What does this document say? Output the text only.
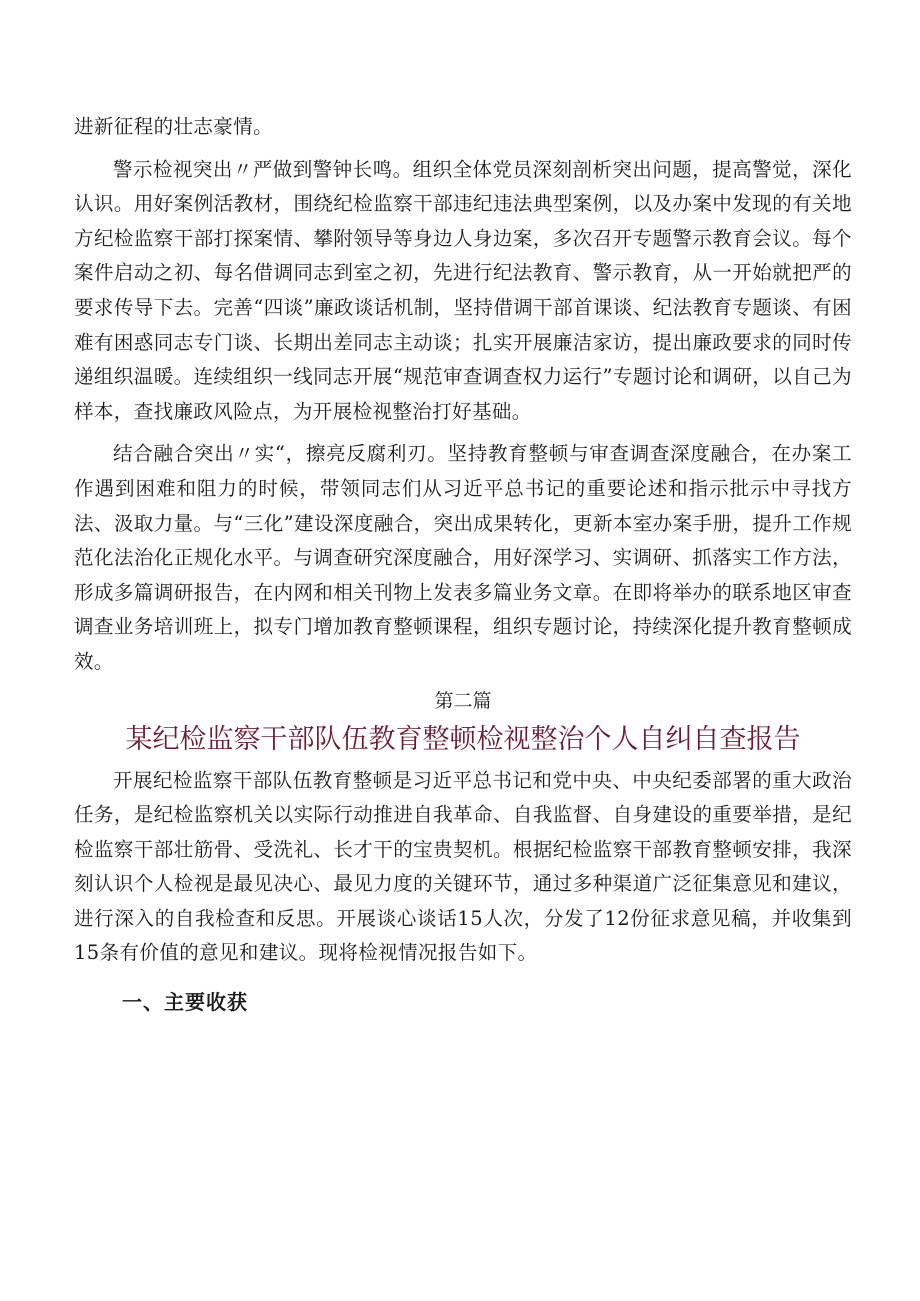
进新征程的壮志豪情。

警示检视突出〃严做到警钟长鸣。组织全体党员深刻剖析突出问题，提高警觉，深化认识。用好案例活教材，围绕纪检监察干部违纪违法典型案例，以及办案中发现的有关地方纪检监察干部打探案情、攀附领导等身边人身边案，多次召开专题警示教育会议。每个案件启动之初、每名借调同志到室之初，先进行纪法教育、警示教育，从一开始就把严的要求传导下去。完善“四谈”廉政谈话机制，坚持借调干部首课谈、纪法教育专题谈、有困难有困惑同志专门谈、长期出差同志主动谈；扎实开展廉洁家访，提出廉政要求的同时传递组织温暖。连续组织一线同志开展“规范审查调查权力运行”专题讨论和调研，以自己为样本，查找廉政风险点，为开展检视整治打好基础。

结合融合突出〃实“，擦亮反腐利刃。坚持教育整顿与审查调查深度融合，在办案工作遇到困难和阻力的时候，带领同志们从习近平总书记的重要论述和指示批示中寻找方法、汲取力量。与“三化”建设深度融合，突出成果转化，更新本室办案手册，提升工作规范化法治化正规化水平。与调查研究深度融合，用好深学习、实调研、抓落实工作方法，形成多篇调研报告，在内网和相关刊物上发表多篇业务文章。在即将举办的联系地区审查调查业务培训班上，拟专门增加教育整顿课程，组织专题讨论，持续深化提升教育整顿成效。

第二篇
某纪检监察干部队伍教育整顿检视整治个人自纠自查报告

开展纪检监察干部队伍教育整顿是习近平总书记和党中央、中央纪委部署的重大政治任务，是纪检监察机关以实际行动推进自我革命、自我监督、自身建设的重要举措，是纪检监察干部壮筋骨、受洗礼、长才干的宝贵契机。根据纪检监察干部教育整顿安排，我深刻认识个人检视是最见决心、最见力度的关键环节，通过多种渠道广泛征集意见和建议，进行深入的自我检查和反思。开展谈心谈话15人次，分发了12份征求意见稿，并收集到15条有价值的意见和建议。现将检视情况报告如下。

一、主要收获
